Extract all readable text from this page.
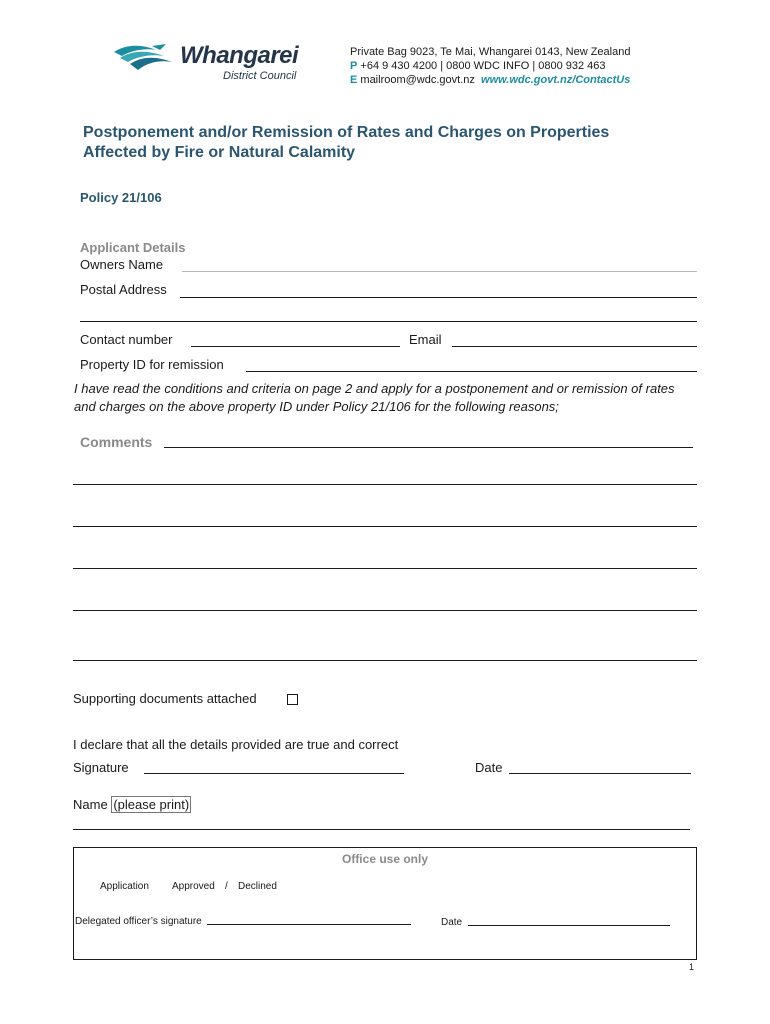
Whangarei
District Council
Private Bag 9023, Te Mai, Whangarei 0143, New Zealand
P +64 9 430 4200 | 0800 WDC INFO | 0800 932 463
E mailroom@wdc.govt.nz www.wdc.govt.nz/ContactUs
Postponement and/or Remission of Rates and Charges on Properties Affected by Fire or Natural Calamity
Policy 21/106
Applicant Details
Owners Name
Postal Address
Contact number	Email
Property ID for remission
I have read the conditions and criteria on page 2 and apply for a postponement and or remission of rates and charges on the above property ID under Policy 21/106 for the following reasons;
Comments
Supporting documents attached
I declare that all the details provided are true and correct
Signature	Date
Name (please print)
Office use only
Application Approved / Declined
Delegated officer’s signature	Date
1
